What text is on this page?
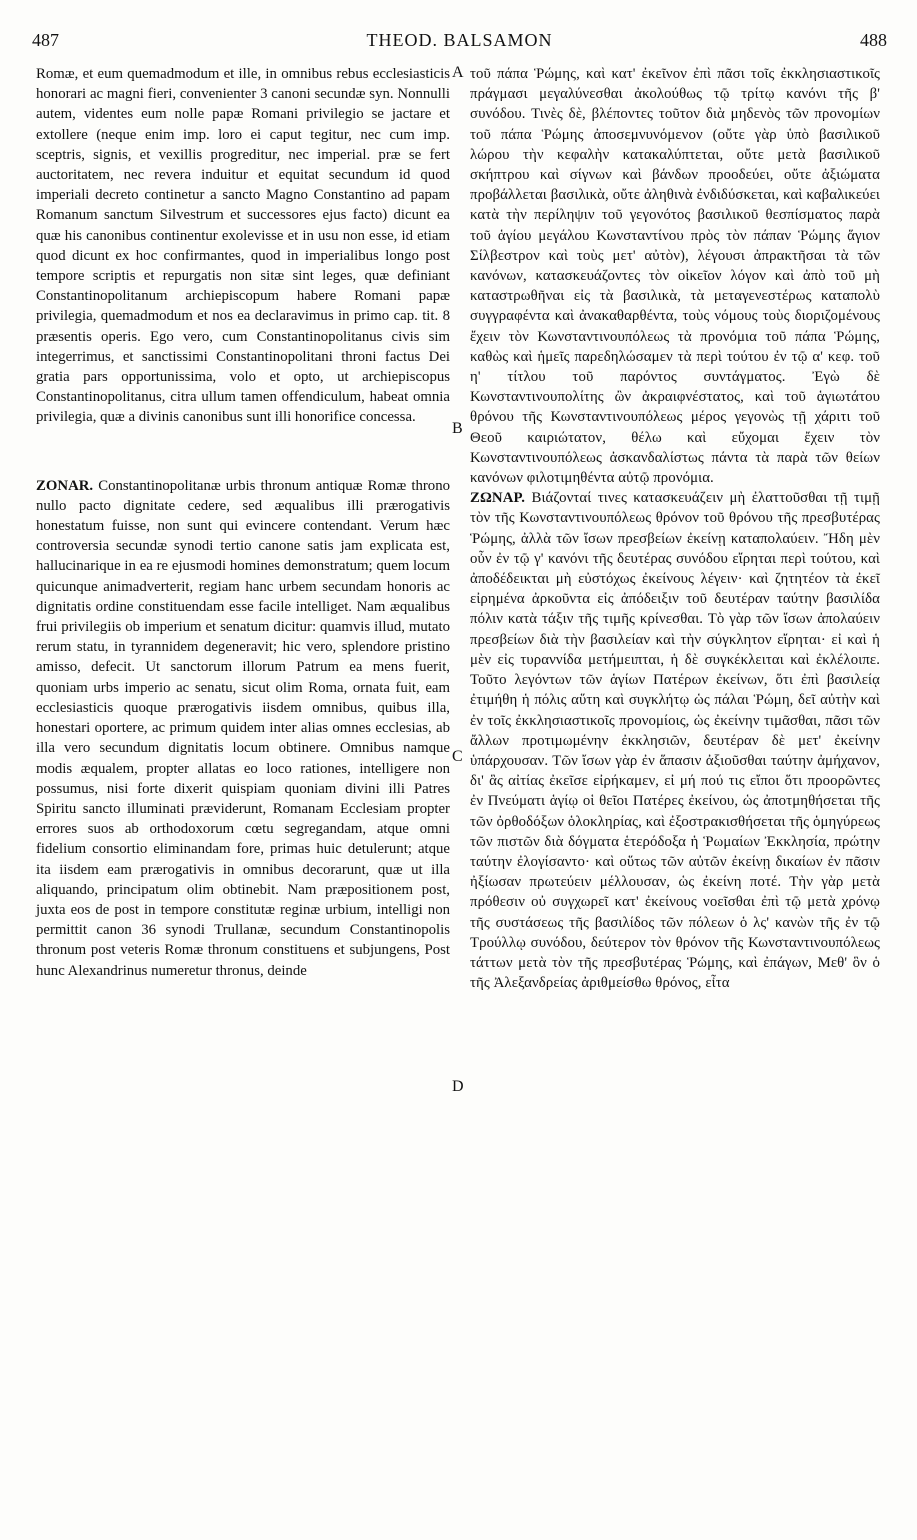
487	THEOD. BALSAMON	488
A
B
C
D

Romæ, et eum quemadmodum et ille, in omnibus rebus ecclesiasticis honorari ac magni fieri, convenienter 3 canoni secundæ syn. Nonnulli autem, videntes eum nolle papæ Romani privilegio se jactare et extollere (neque enim imp. loro ei caput tegitur, nec cum imp. sceptris, signis, et vexillis progreditur, nec imperial. præ se fert auctoritatem, nec revera induitur et equitat secundum id quod imperiali decreto continetur a sancto Magno Constantino ad papam Romanum sanctum Silvestrum et successores ejus facto) dicunt ea quæ his canonibus continentur exolevisse et in usu non esse, id etiam quod dicunt ex hoc confirmantes, quod in imperialibus longo post tempore scriptis et repurgatis non sitæ sint leges, quæ definiant Constantinopolitanum archiepiscopum habere Romani papæ privilegia, quemadmodum et nos ea declaravimus in primo cap. tit. 8 præsentis operis. Ego vero, cum Constantinopolitanus civis sim integerrimus, et sanctissimi Constantinopolitani throni factus Dei gratia pars opportunissima, volo et opto, ut archiepiscopus Constantinopolitanus, citra ullum tamen offendiculum, habeat omnia privilegia, quæ a divinis canonibus sunt illi honorifice concessa.

ZONAR. Constantinopolitanæ urbis thronum antiquæ Romæ throno nullo pacto dignitate cedere, sed æqualibus illi prærogativis honestatum fuisse, non sunt qui evincere contendant. Verum hæc controversia secundæ synodi tertio canone satis jam explicata est, hallucinarique in ea re ejusmodi homines demonstratum; quem locum quicunque animadverterit, regiam hanc urbem secundam honoris ac dignitatis ordine constituendam esse facile intelliget. Nam æqualibus frui privilegiis ob imperium et senatum dicitur: quamvis illud, mutato rerum statu, in tyrannidem degeneravit; hic vero, splendore pristino amisso, defecit. Ut sanctorum illorum Patrum ea mens fuerit, quoniam urbs imperio ac senatu, sicut olim Roma, ornata fuit, eam ecclesiasticis quoque prærogativis iisdem omnibus, quibus illa, honestari oportere, ac primum quidem inter alias omnes ecclesias, ab illa vero secundum dignitatis locum obtinere. Omnibus namque modis æqualem, propter allatas eo loco rationes, intelligere non possumus, nisi forte dixerit quispiam quoniam divini illi Patres Spiritu sancto illuminati præviderunt, Romanam Ecclesiam propter errores suos ab orthodoxorum cœtu segregandam, atque omni fidelium consortio eliminandam fore, primas huic detulerunt; atque ita iisdem eam prærogativis in omnibus decorarunt, quæ ut illa aliquando, principatum olim obtinebit. Nam præpositionem post, juxta eos de post in tempore constitutæ reginæ urbium, intelligi non permittit canon 36 synodi Trullanæ, secundum Constantinopolis thronum post veteris Romæ thronum constituens et subjungens, Post hunc Alexandrinus numeretur thronus, deinde

τοῦ πάπα Ῥώμης, καὶ κατ' ἐκεῖνον ἐπὶ πᾶσι τοῖς ἐκκλησιαστικοῖς πράγμασι μεγαλύνεσθαι ἀκολούθως τῷ τρίτῳ κανόνι τῆς β' συνόδου. Τινὲς δὲ, βλέποντες τοῦτον διὰ μηδενὸς τῶν προνομίων τοῦ πάπα Ῥώμης ἀποσεμνυνόμενον (οὔτε γὰρ ὑπὸ βασιλικοῦ λώρου τὴν κεφαλὴν κατακαλύπτεται, οὔτε μετὰ βασιλικοῦ σκήπτρου καὶ σίγνων καὶ βάνδων προοδεύει, οὔτε ἀξιώματα προβάλλεται βασιλικὰ, οὔτε ἀληθινὰ ἐνδιδύσκεται, καὶ καβαλικεύει κατὰ τὴν περίληψιν τοῦ γεγονότος βασιλικοῦ θεσπίσματος παρὰ τοῦ ἁγίου μεγάλου Κωνσταντίνου πρὸς τὸν πάπαν Ῥώμης ἅγιον Σίλβεστρον καὶ τοὺς μετ' αὐτὸν), λέγουσι ἀπρακτῆσαι τὰ τῶν κανόνων, κατασκευάζοντες τὸν οἰκεῖον λόγον καὶ ἀπὸ τοῦ μὴ καταστρωθῆναι εἰς τὰ βασιλικὰ, τὰ μεταγενεστέρως καταπολὺ συγγραφέντα καὶ ἀνακαθαρθέντα, τοὺς νόμους τοὺς διοριζομένους ἔχειν τὸν Κωνσταντινουπόλεως τὰ προνόμια τοῦ πάπα Ῥώμης, καθὼς καὶ ἡμεῖς παρεδηλώσαμεν τὰ περὶ τούτου ἐν τῷ α' κεφ. τοῦ η' τίτλου τοῦ παρόντος συντάγματος. Ἐγὼ δὲ Κωνσταντινουπολίτης ὢν ἀκραιφνέστατος, καὶ τοῦ ἁγιωτάτου θρόνου τῆς Κωνσταντινουπόλεως μέρος γεγονὼς τῇ χάριτι τοῦ Θεοῦ καιριώτατον, θέλω καὶ εὔχομαι ἔχειν τὸν Κωνσταντινουπόλεως ἀσκανδαλίστως πάντα τὰ παρὰ τῶν θείων κανόνων φιλοτιμηθέντα αὐτῷ προνόμια.

ΖΩΝΑΡ. Βιάζονταί τινες κατασκευάζειν μὴ ἐλαττοῦσθαι τῇ τιμῇ τὸν τῆς Κωνσταντινουπόλεως θρόνον τοῦ θρόνου τῆς πρεσβυτέρας Ῥώμης, ἀλλὰ τῶν ἴσων πρεσβείων ἐκείνῃ καταπολαύειν. Ἤδη μὲν οὖν ἐν τῷ γ' κανόνι τῆς δευτέρας συνόδου εἴρηται περὶ τούτου, καὶ ἀποδέδεικται μὴ εὐστόχως ἐκείνους λέγειν· καὶ ζητητέον τὰ ἐκεῖ εἰρημένα ἀρκοῦντα εἰς ἀπόδειξιν τοῦ δευτέραν ταύτην βασιλίδα πόλιν κατὰ τάξιν τῆς τιμῆς κρίνεσθαι. Τὸ γὰρ τῶν ἴσων ἀπολαύειν πρεσβείων διὰ τὴν βασιλείαν καὶ τὴν σύγκλητον εἴρηται· εἰ καὶ ἡ μὲν εἰς τυραννίδα μετήμειπται, ἡ δὲ συγκέκλειται καὶ ἐκλέλοιπε. Τοῦτο λεγόντων τῶν ἁγίων Πατέρων ἐκείνων, ὅτι ἐπὶ βασιλείᾳ ἐτιμήθη ἡ πόλις αὕτη καὶ συγκλήτῳ ὡς πάλαι Ῥώμη, δεῖ αὐτὴν καὶ ἐν τοῖς ἐκκλησιαστικοῖς προνομίοις, ὡς ἐκείνην τιμᾶσθαι, πᾶσι τῶν ἄλλων προτιμωμένην ἐκκλησιῶν, δευτέραν δὲ μετ' ἐκείνην ὑπάρχουσαν. Τῶν ἴσων γὰρ ἐν ἅπασιν ἀξιοῦσθαι ταύτην ἀμήχανον, δι' ἃς αἰτίας ἐκεῖσε εἰρήκαμεν, εἰ μή πού τις εἴποι ὅτι προορῶντες ἐν Πνεύματι ἁγίῳ οἱ θεῖοι Πατέρες ἐκείνου, ὡς ἀποτμηθήσεται τῆς τῶν ὀρθοδόξων ὁλοκληρίας, καὶ ἐξοστρακισθήσεται τῆς ὁμηγύρεως τῶν πιστῶν διὰ δόγματα ἑτερόδοξα ἡ Ῥωμαίων Ἐκκλησία, πρώτην ταύτην ἐλογίσαντο· καὶ οὕτως τῶν αὐτῶν ἐκείνῃ δικαίων ἐν πᾶσιν ἠξίωσαν πρωτεύειν μέλλουσαν, ὡς ἐκείνη ποτέ. Τὴν γὰρ μετὰ πρόθεσιν οὐ συγχωρεῖ κατ' ἐκείνους νοεῖσθαι ἐπὶ τῷ μετὰ χρόνῳ τῆς συστάσεως τῆς βασιλίδος τῶν πόλεων ὁ λς' κανὼν τῆς ἐν τῷ Τρούλλῳ συνόδου, δεύτερον τὸν θρόνον τῆς Κωνσταντινουπόλεως τάττων μετὰ τὸν τῆς πρεσβυτέρας Ῥώμης, καὶ ἐπάγων, Μεθ' ὃν ὁ τῆς Ἀλεξανδρείας ἀριθμείσθω θρόνος, εἶτα
